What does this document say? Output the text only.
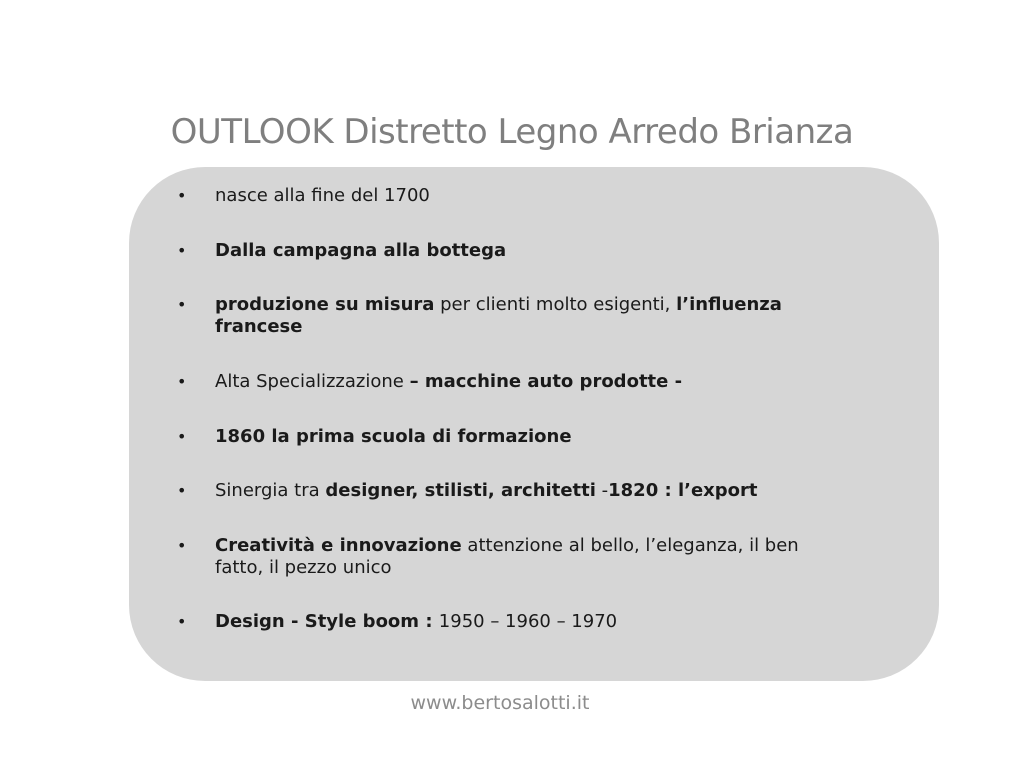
OUTLOOK Distretto Legno Arredo Brianza
•	nasce alla fine del 1700
•	Dalla campagna alla bottega
•	produzione su misura per clienti molto esigenti, l’influenza francese
•	Alta Specializzazione – macchine auto prodotte -
•	1860 la prima scuola di formazione
•	Sinergia tra designer, stilisti, architetti -1820 : l’export
•	Creatività e innovazione attenzione al bello, l’eleganza, il ben fatto, il pezzo unico
•	Design - Style boom : 1950 – 1960 – 1970

www.bertosalotti.it
